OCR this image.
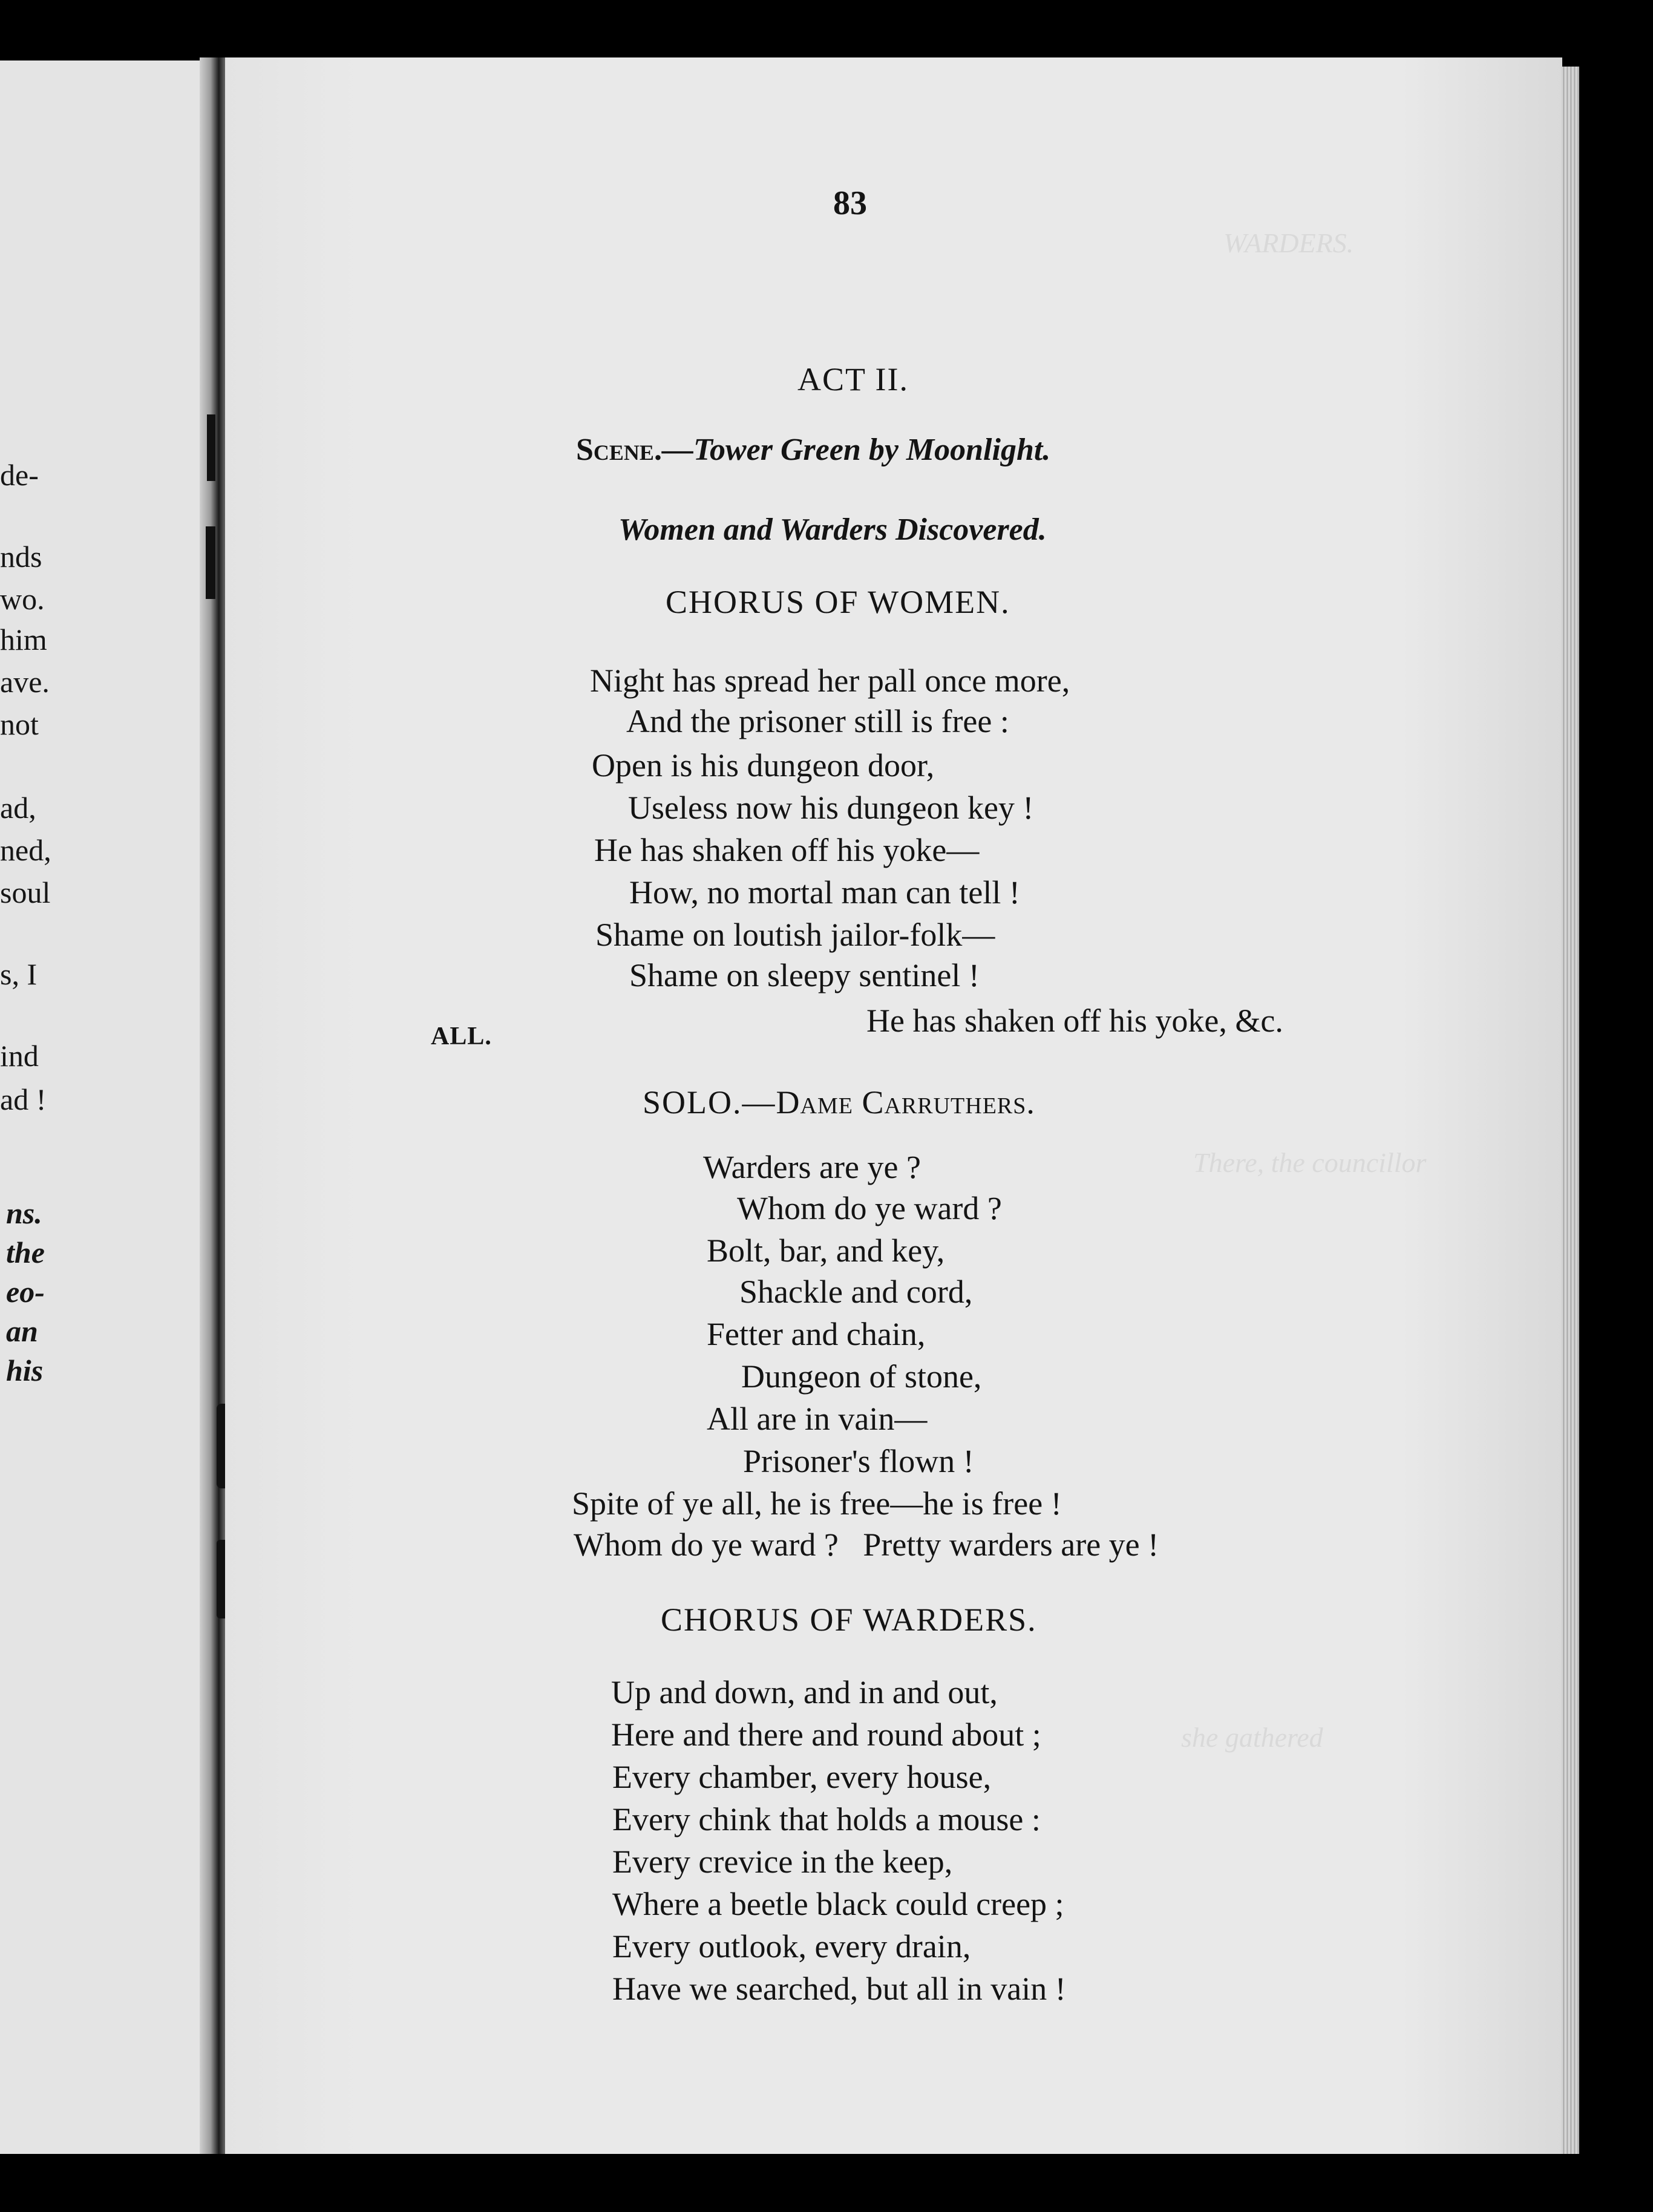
de-
nds
wo.
him
ave.
not
ad,
ned,
soul
s, I
ind
ad !
ns.
the
eo-
an
his
WARDERS.
There, the councillor
she gathered
83
ACT II.
Scene.—Tower Green by Moonlight.
Women and Warders Discovered.
CHORUS OF WOMEN.
Night has spread her pall once more,
And the prisoner still is free :
Open is his dungeon door,
Useless now his dungeon key !
He has shaken off his yoke—
How, no mortal man can tell !
Shame on loutish jailor-folk—
Shame on sleepy sentinel !
ALL.	He has shaken off his yoke, &c.
SOLO.—Dame Carruthers.
Warders are ye ?
Whom do ye ward ?
Bolt, bar, and key,
Shackle and cord,
Fetter and chain,
Dungeon of stone,
All are in vain—
Prisoner's flown !
Spite of ye all, he is free—he is free !
Whom do ye ward ?   Pretty warders are ye !
CHORUS OF WARDERS.
Up and down, and in and out,
Here and there and round about ;
Every chamber, every house,
Every chink that holds a mouse :
Every crevice in the keep,
Where a beetle black could creep ;
Every outlook, every drain,
Have we searched, but all in vain !
